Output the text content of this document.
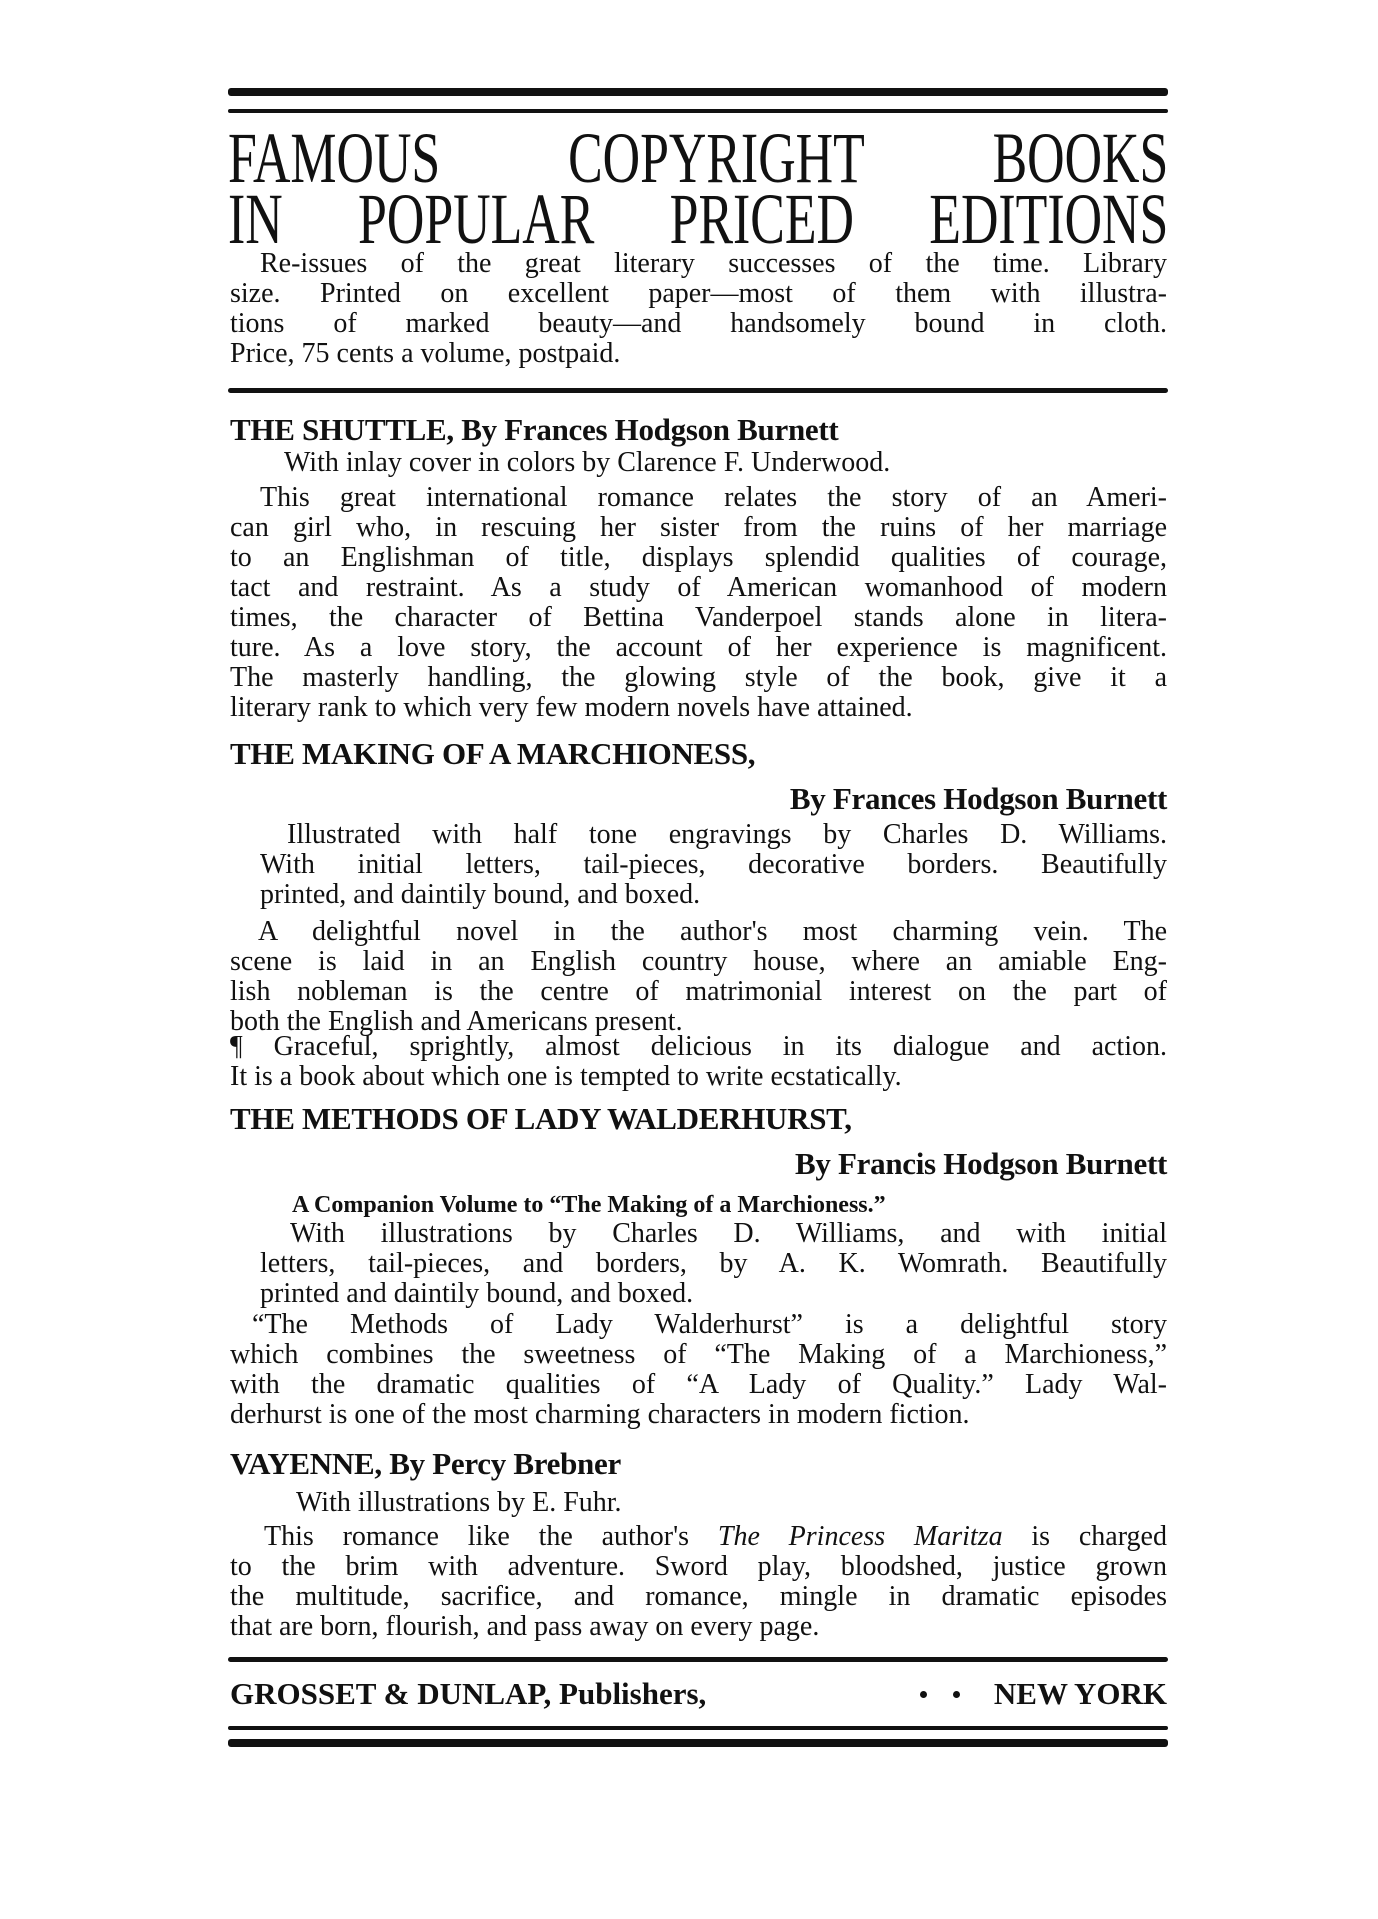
FAMOUS COPYRIGHT BOOKS
IN POPULAR PRICED EDITIONS
Re-issues of the great literary successes of the time. Library
size. Printed on excellent paper—most of them with illustra-
tions of marked beauty—and handsomely bound in cloth.
Price, 75 cents a volume, postpaid.
THE SHUTTLE, By Frances Hodgson Burnett
With inlay cover in colors by Clarence F. Underwood.
This great international romance relates the story of an Ameri-
can girl who, in rescuing her sister from the ruins of her marriage
to an Englishman of title, displays splendid qualities of courage,
tact and restraint. As a study of American womanhood of modern
times, the character of Bettina Vanderpoel stands alone in litera-
ture. As a love story, the account of her experience is magnificent.
The masterly handling, the glowing style of the book, give it a
literary rank to which very few modern novels have attained.
THE MAKING OF A MARCHIONESS,
By Frances Hodgson Burnett
Illustrated with half tone engravings by Charles D. Williams.
With initial letters, tail-pieces, decorative borders. Beautifully
printed, and daintily bound, and boxed.
A delightful novel in the author's most charming vein. The
scene is laid in an English country house, where an amiable Eng-
lish nobleman is the centre of matrimonial interest on the part of
both the English and Americans present.
¶ Graceful, sprightly, almost delicious in its dialogue and action.
It is a book about which one is tempted to write ecstatically.
THE METHODS OF LADY WALDERHURST,
By Francis Hodgson Burnett
A Companion Volume to “The Making of a Marchioness.”
With illustrations by Charles D. Williams, and with initial
letters, tail-pieces, and borders, by A. K. Womrath. Beautifully
printed and daintily bound, and boxed.
“The Methods of Lady Walderhurst” is a delightful story
which combines the sweetness of “The Making of a Marchioness,”
with the dramatic qualities of “A Lady of Quality.” Lady Wal-
derhurst is one of the most charming characters in modern fiction.
VAYENNE, By Percy Brebner
With illustrations by E. Fuhr.
This romance like the author's The Princess Maritza is charged
to the brim with adventure. Sword play, bloodshed, justice grown
the multitude, sacrifice, and romance, mingle in dramatic episodes
that are born, flourish, and pass away on every page.
GROSSET & DUNLAP, Publishers,	NEW YORK
